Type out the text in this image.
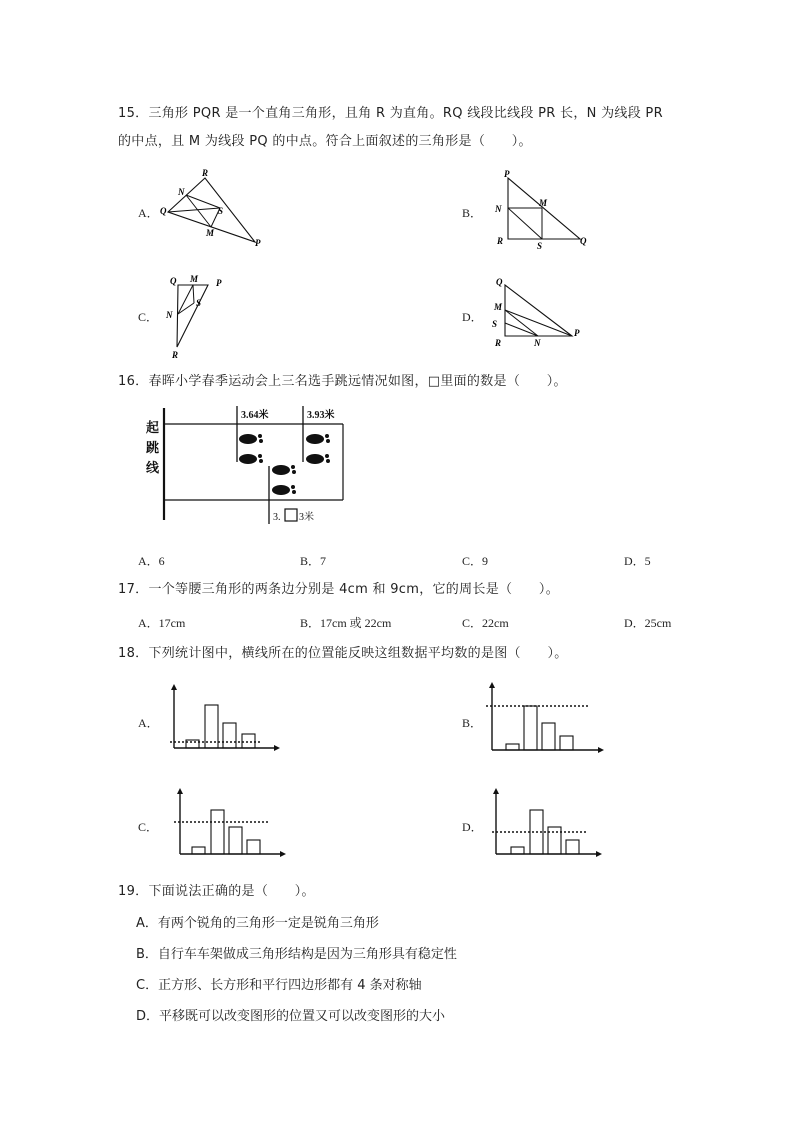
15．三角形 PQR 是一个直角三角形，且角 R 为直角。RQ 线段比线段 PR 长，N 为线段 PR 的中点，且 M 为线段 PQ 的中点。符合上面叙述的三角形是（　　）。
A．
R
N
Q	S
M
P
B．
P
N
M
R	S	Q
C．
Q M P
S
N
R
D．
Q
M
S
P
R	N
16．春晖小学春季运动会上三名选手跳远情况如图，□里面的数是（　　）。
起 跳 线
3.64米	3.93米
3. 3米
A．6	B．7	C．9	D．5
17．一个等腰三角形的两条边分别是 4cm 和 9cm，它的周长是（　　）。
A．17cm	B．17cm 或 22cm	C．22cm	D．25cm
18．下列统计图中，横线所在的位置能反映这组数据平均数的是图（　　）。
A．	B．
C．	D．
19．下面说法正确的是（　　）。
A．有两个锐角的三角形一定是锐角三角形
B．自行车车架做成三角形结构是因为三角形具有稳定性
C．正方形、长方形和平行四边形都有 4 条对称轴
D．平移既可以改变图形的位置又可以改变图形的大小
